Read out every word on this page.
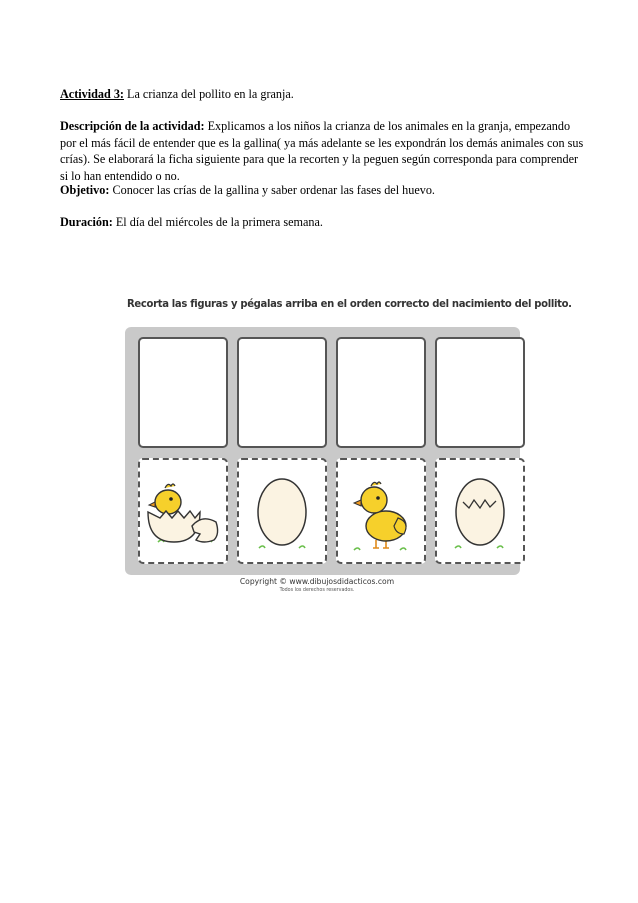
Actividad 3: La crianza del pollito en la granja.

Descripción de la actividad: Explicamos a los niños la crianza de los animales en la granja, empezando por el más fácil de entender que es la gallina( ya más adelante se les expondrán los demás animales con sus crías). Se elaborará la ficha siguiente para que la recorten y la peguen según corresponda para comprender si lo han entendido o no.

Objetivo: Conocer las crías de la gallina y saber ordenar las fases del huevo.

Duración: El día del miércoles de la primera semana.

Recorta las figuras y pégalas arriba en el orden correcto del nacimiento del pollito.
Copyright © www.dibujosdidacticos.com
Todos los derechos reservados.
